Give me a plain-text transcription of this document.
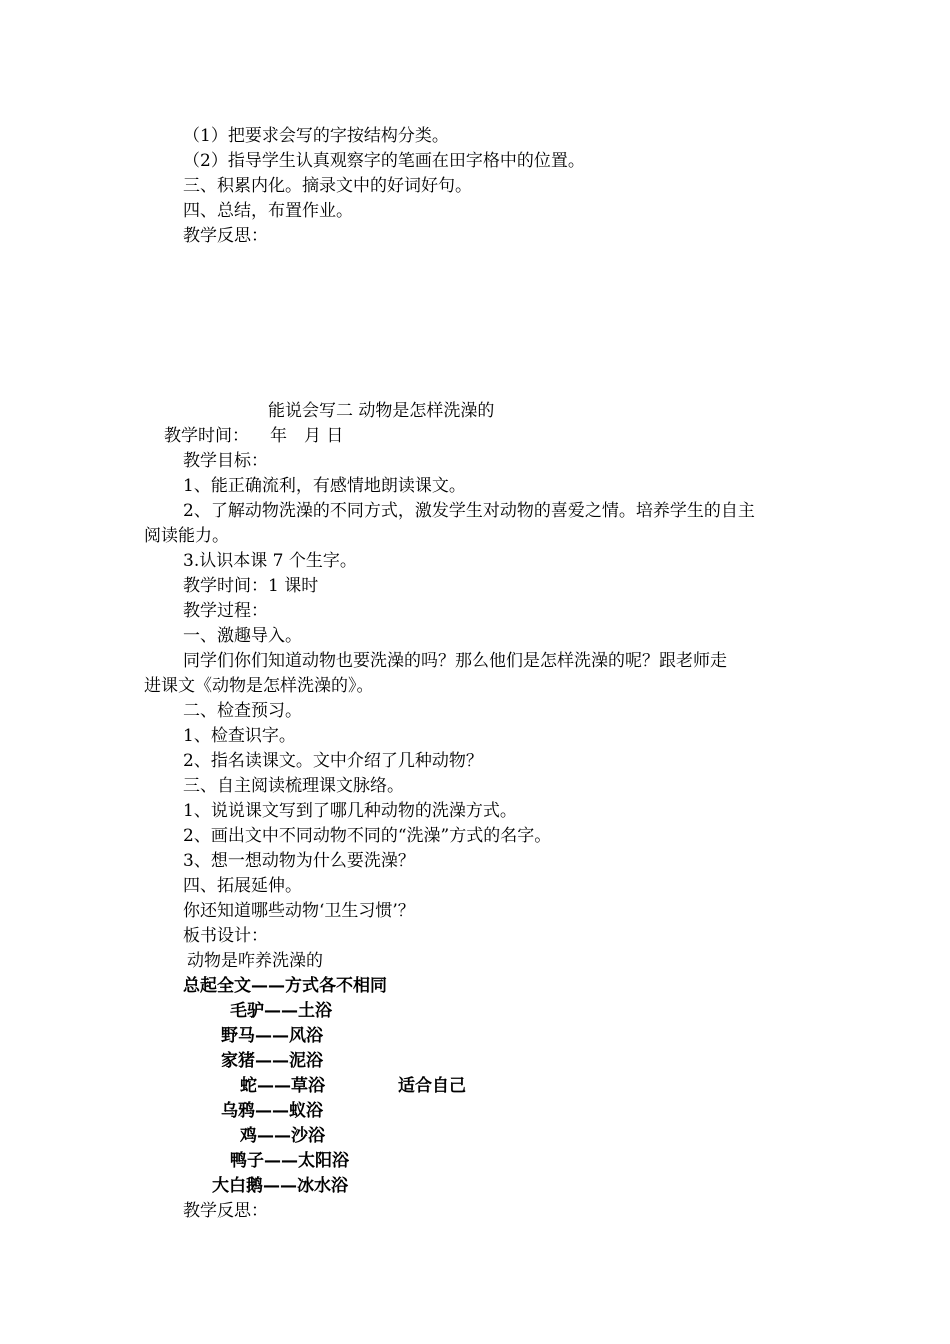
（1）把要求会写的字按结构分类。
（2）指导学生认真观察字的笔画在田字格中的位置。
三、积累内化。摘录文中的好词好句。
四、总结，布置作业。
教学反思：
能说会写二 动物是怎样洗澡的
教学时间： 年　月 日
教学目标：
1、能正确流利，有感情地朗读课文。
2、了解动物洗澡的不同方式，激发学生对动物的喜爱之情。培养学生的自主
阅读能力。
3.认识本课 7 个生字。
教学时间：1 课时
教学过程：
一、激趣导入。
同学们你们知道动物也要洗澡的吗？那么他们是怎样洗澡的呢？跟老师走
进课文《动物是怎样洗澡的》。
二、检查预习。
1、检查识字。
2、指名读课文。文中介绍了几种动物？
三、自主阅读梳理课文脉络。
1、说说课文写到了哪几种动物的洗澡方式。
2、画出文中不同动物不同的“洗澡”方式的名字。
3、想一想动物为什么要洗澡？
四、拓展延伸。
你还知道哪些动物‘卫生习惯’？
板书设计：
动物是咋养洗澡的
总起全文——方式各不相同
毛驴——土浴
野马——风浴
家猪——泥浴
蛇——草浴	适合自己
乌鸦——蚁浴
鸡——沙浴
鸭子——太阳浴
大白鹅——冰水浴
教学反思：
